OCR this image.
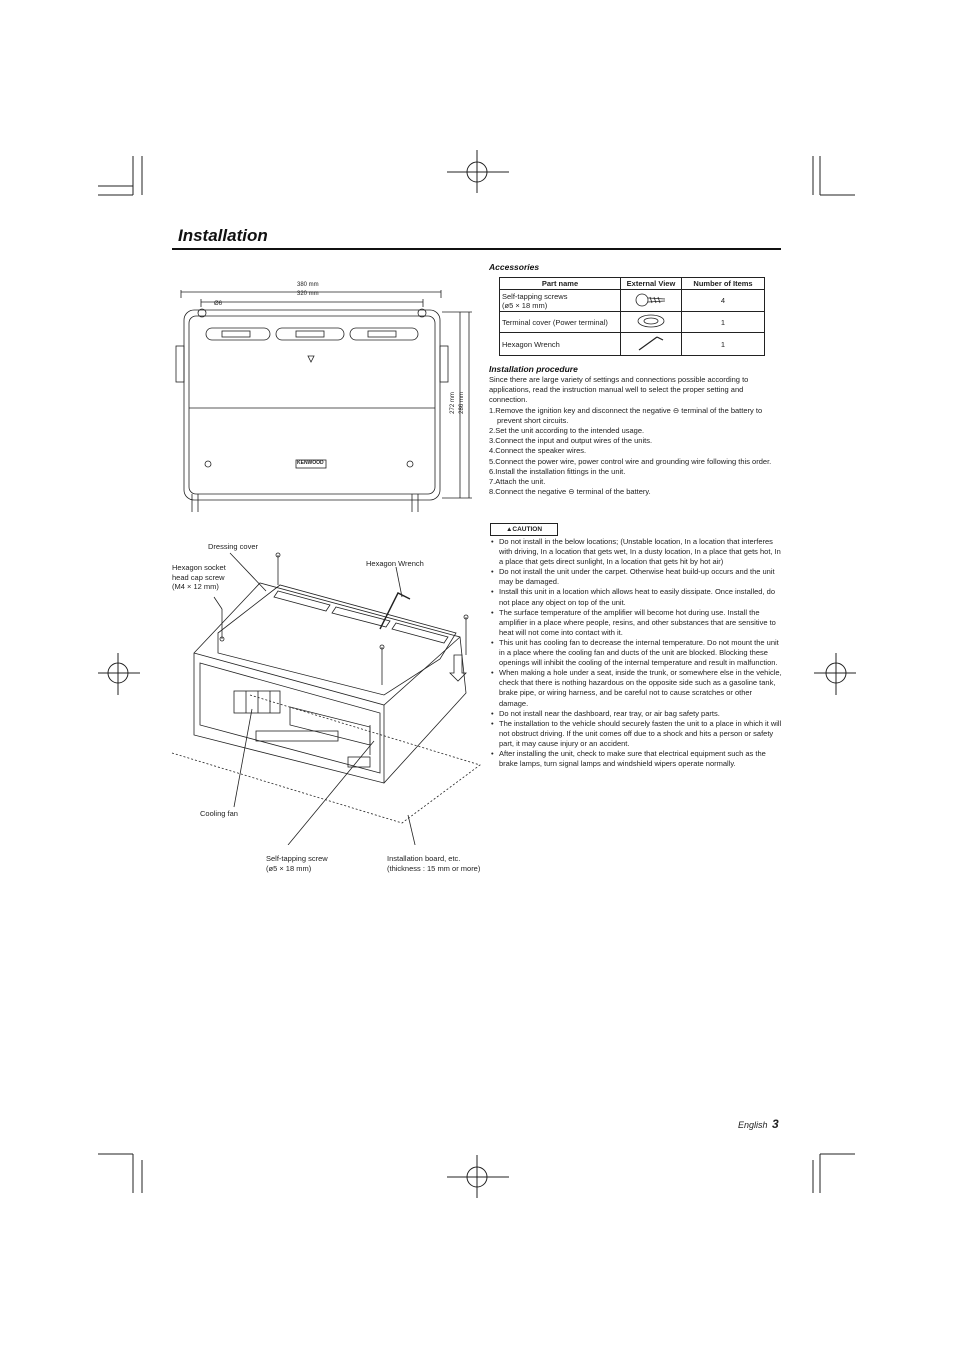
Installation
380 mm
320 mm
Ø6
272 mm 286 mm
KENWOOD
Accessories
Part name	External View	Number of Items

Self-tapping screws
(ø5 × 18 mm)		4
Terminal cover (Power terminal)		1
Hexagon Wrench		1
Installation procedure

Since there are large variety of settings and connections possible according to applications, read the instruction manual well to select the proper setting and connection.

1.Remove the ignition key and disconnect the negative ⊖ terminal of the battery to prevent short circuits.

2.Set the unit according to the intended usage.

3.Connect the input and output wires of the units.

4.Connect the speaker wires.

5.Connect the power wire, power control wire and grounding wire following this order.

6.Install the installation fittings in the unit.

7.Attach the unit.

8.Connect the negative ⊖ terminal of the battery.

▲CAUTION
• Do not install in the below locations; (Unstable location, In a location that interferes with driving, In a location that gets wet, In a dusty location, In a place that gets hot, In a place that gets direct sunlight, In a location that gets hit by hot air)
• Do not install the unit under the carpet. Otherwise heat build-up occurs and the unit may be damaged.
• Install this unit in a location which allows heat to easily dissipate. Once installed, do not place any object on top of the unit.
• The surface temperature of the amplifier will become hot during use. Install the amplifier in a place where people, resins, and other substances that are sensitive to heat will not come into contact with it.
• This unit has cooling fan to decrease the internal temperature. Do not mount the unit in a place where the cooling fan and ducts of the unit are blocked. Blocking these openings will inhibit the cooling of the internal temperature and result in malfunction.
• When making a hole under a seat, inside the trunk, or somewhere else in the vehicle, check that there is nothing hazardous on the opposite side such as a gasoline tank, brake pipe, or wiring harness, and be careful not to cause scratches or other damage.
• Do not install near the dashboard, rear tray, or air bag safety parts.
• The installation to the vehicle should securely fasten the unit to a place in which it will not obstruct driving. If the unit comes off due to a shock and hits a person or safety part, it may cause injury or an accident.
• After installing the unit, check to make sure that electrical equipment such as the brake lamps, turn signal lamps and windshield wipers operate normally.
Dressing cover
Hexagon socket
head cap screw
(M4 × 12 mm)
Hexagon Wrench
Cooling fan
Self-tapping screw
(ø5 × 18 mm)
Installation board, etc.
(thickness : 15 mm or more)
English 3
